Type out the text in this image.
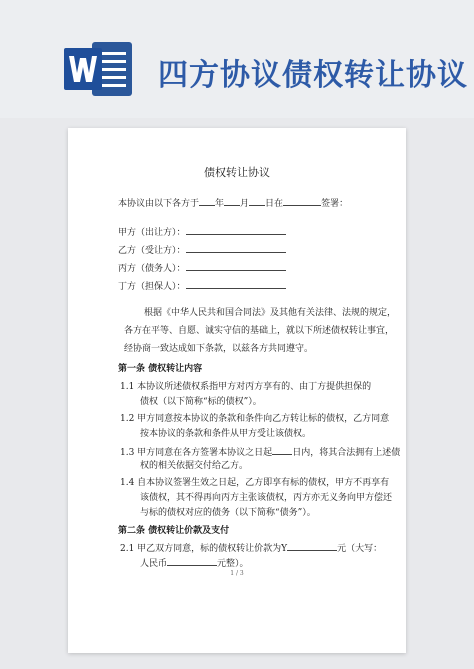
四方协议债权转让协议
债权转让协议
本协议由以下各方于 年 月 日在	签署：
甲方（出让方）：
乙方（受让方）：
丙方（债务人）：
丁方（担保人）：
根据《中华人民共和国合同法》及其他有关法律、法规的规定，
各方在平等、自愿、诚实守信的基础上，就以下所述债权转让事宜，
经协商一致达成如下条款，以兹各方共同遵守。
第一条 债权转让内容
1.1 本协议所述债权系指甲方对丙方享有的、由丁方提供担保的
债权（以下简称“标的债权”）。
1.2 甲方同意按本协议的条款和条件向乙方转让标的债权，乙方同意
按本协议的条款和条件从甲方受让该债权。
1.3 甲方同意在各方签署本协议之日起 日内，将其合法拥有上述债
权的相关依据交付给乙方。
1.4 自本协议签署生效之日起，乙方即享有标的债权，甲方不再享有
该债权，其不得再向丙方主张该债权，丙方亦无义务向甲方偿还
与标的债权对应的债务（以下简称“债务”）。
第二条 债权转让价款及支付
2.1 甲乙双方同意，标的债权转让价款为Y	元（大写：
人民币	元整）。
1 / 3
